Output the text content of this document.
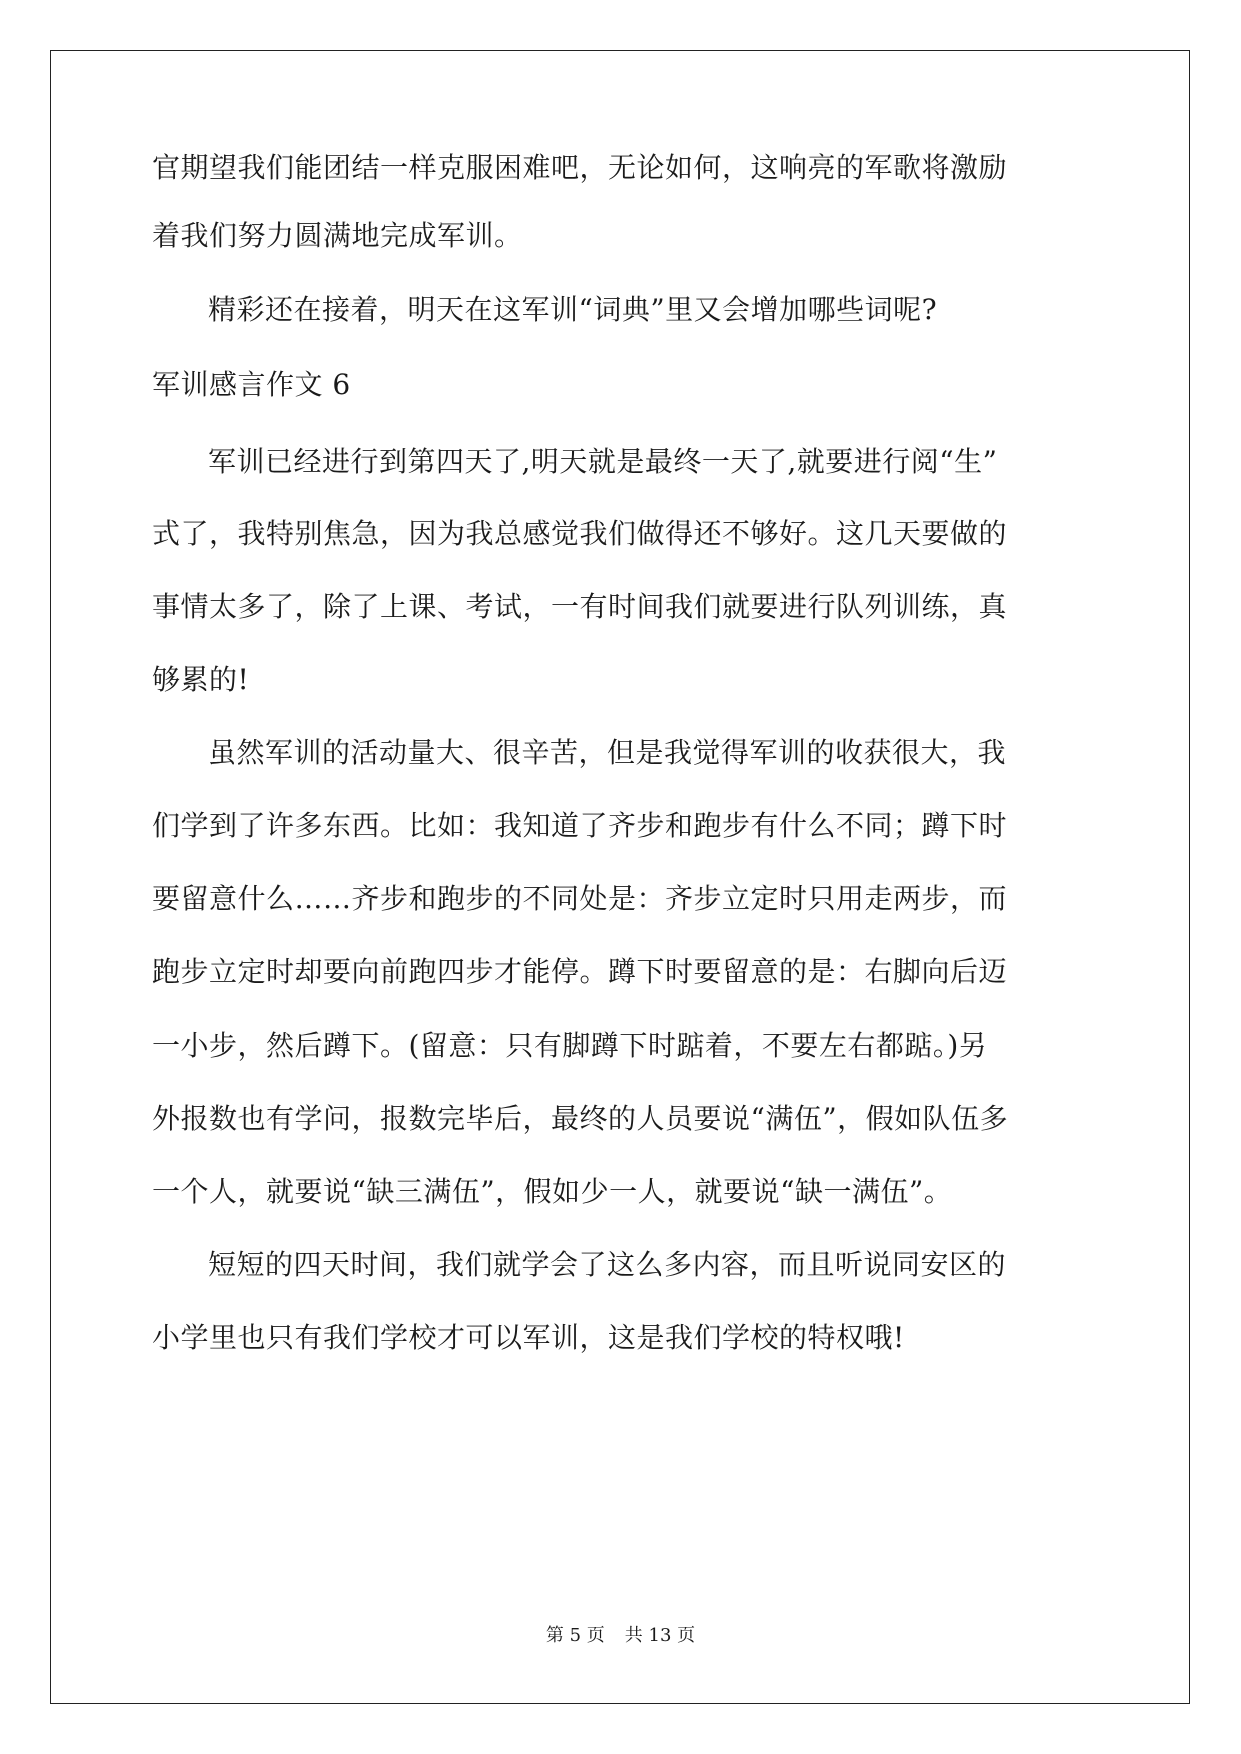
官期望我们能团结一样克服困难吧，无论如何，这响亮的军歌将激励
着我们努力圆满地完成军训。
精彩还在接着，明天在这军训“词典”里又会增加哪些词呢?
军训感言作文 6
军训已经进行到第四天了,明天就是最终一天了,就要进行阅“生”
式了，我特别焦急，因为我总感觉我们做得还不够好。这几天要做的
事情太多了，除了上课、考试，一有时间我们就要进行队列训练，真
够累的!
虽然军训的活动量大、很辛苦，但是我觉得军训的收获很大，我
们学到了许多东西。比如：我知道了齐步和跑步有什么不同；蹲下时
要留意什么……齐步和跑步的不同处是：齐步立定时只用走两步，而
跑步立定时却要向前跑四步才能停。蹲下时要留意的是：右脚向后迈
一小步，然后蹲下。(留意：只有脚蹲下时踮着，不要左右都踮。)另
外报数也有学问，报数完毕后，最终的人员要说“满伍”，假如队伍多
一个人，就要说“缺三满伍”，假如少一人，就要说“缺一满伍”。
短短的四天时间，我们就学会了这么多内容，而且听说同安区的
小学里也只有我们学校才可以军训，这是我们学校的特权哦!
第 5 页 共 13 页
